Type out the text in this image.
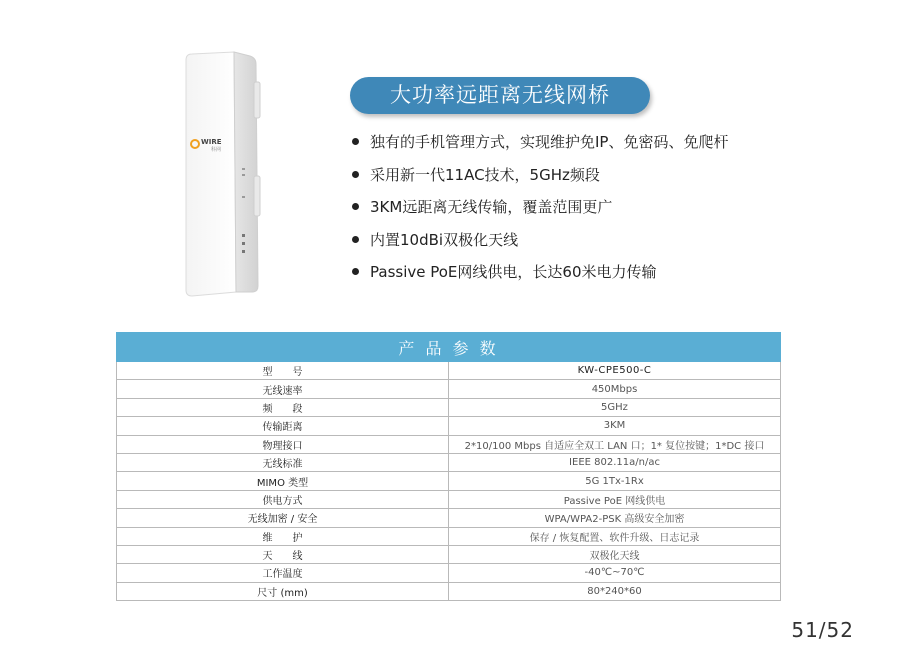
WIRE
科网
大功率远距离无线网桥
独有的手机管理方式，实现维护免IP、免密码、免爬杆
采用新一代11AC技术，5GHz频段
3KM远距离无线传输，覆盖范围更广
内置10dBi双极化天线
Passive PoE网线供电，长达60米电力传输
产 品 参 数	
型　　号	KW-CPE500-C
无线速率	450Mbps
频　　段	5GHz
传输距离	3KM
物理接口	2*10/100 Mbps 自适应全双工 LAN 口；1* 复位按键；1*DC 接口
无线标准	IEEE 802.11a/n/ac
MIMO 类型	5G 1Tx-1Rx
供电方式	Passive PoE 网线供电
无线加密 / 安全	WPA/WPA2-PSK 高级安全加密
维　　护	保存 / 恢复配置、软件升级、日志记录
天　　线	双极化天线
工作温度	-40℃~70℃
尺寸 (mm)	80*240*60
51/52
